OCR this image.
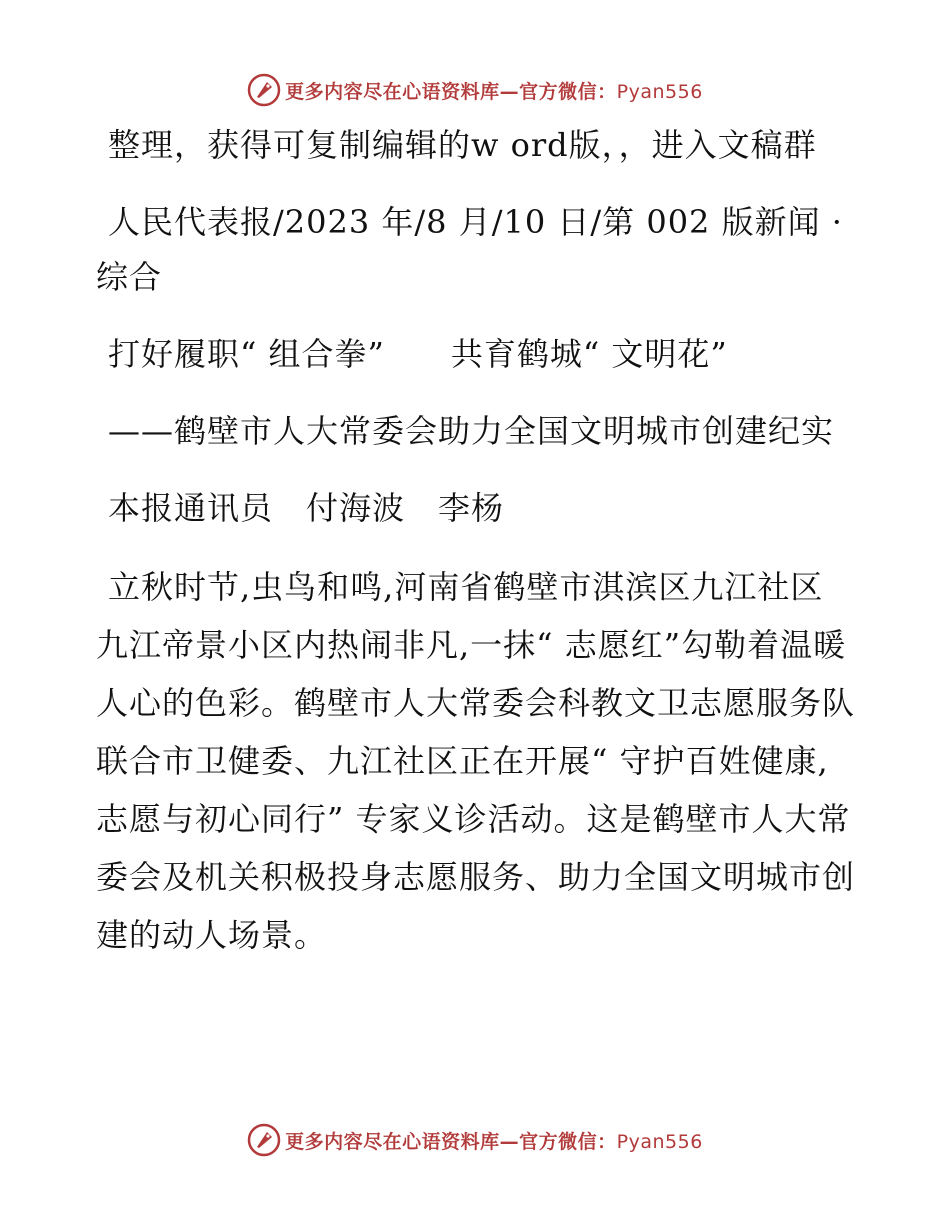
更多内容尽在心语资料库—官方微信：Pyan556

整理，获得可复制编辑的w ord版，，进入文稿群

人民代表报/2023 年/8 月/10 日/第 002 版新闻 · 综合

打好履职“ 组合拳”　　共育鹤城“ 文明花”

——鹤壁市人大常委会助力全国文明城市创建纪实

本报通讯员　付海波　李杨

立秋时节,虫鸟和鸣,河南省鹤壁市淇滨区九江社区九江帝景小区内热闹非凡,一抹“ 志愿红”勾勒着温暖人心的色彩。鹤壁市人大常委会科教文卫志愿服务队联合市卫健委、九江社区正在开展“ 守护百姓健康,志愿与初心同行” 专家义诊活动。这是鹤壁市人大常委会及机关积极投身志愿服务、助力全国文明城市创建的动人场景。

更多内容尽在心语资料库—官方微信：Pyan556
